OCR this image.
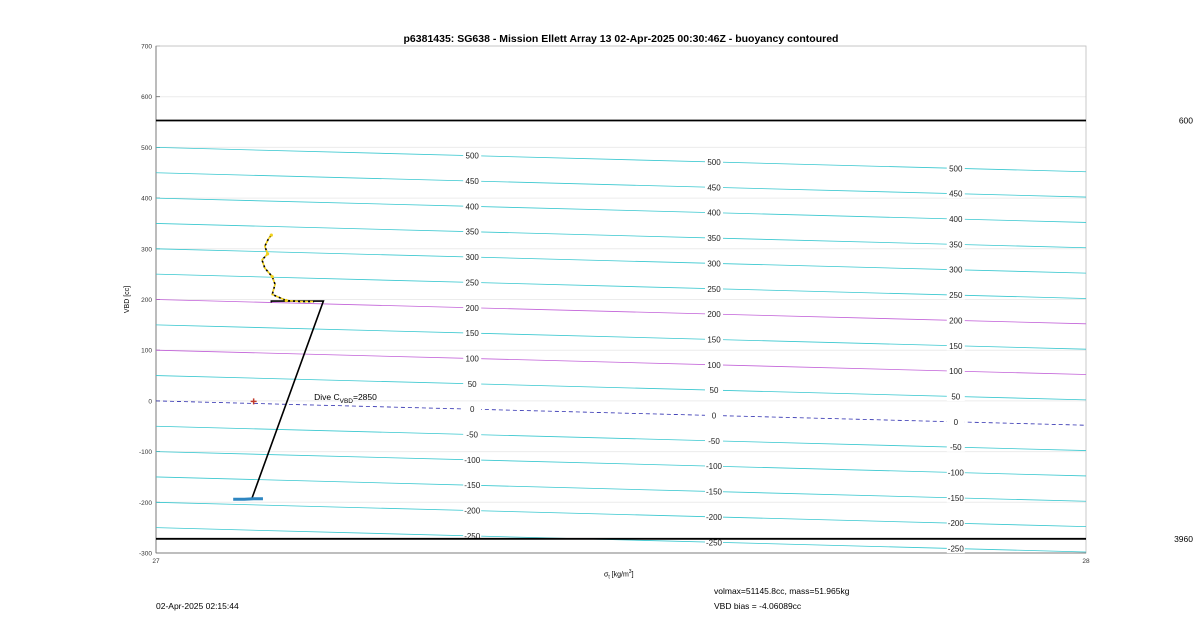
-300
-200
-100
0
100
200
300
400
500
600
700
27	28
-250
-200
-150
-100
-50
0
50
100
150
200
250
300
350
400
450
500
-250
-200
-150
-100
-50
0
50
100
150
200
250
300
350
400
450
500
-250
-200
-150
-100
-50
0
50
100
150
200
250
300
350
400
450
500
600
3960
Dive $C_{VBD}=2850$
p6381435: SG638 - Mission Ellett Array 13 02-Apr-2025 00:30:46Z - buoyancy contoured
VBD [cc]
$\sigma_t$ $[kg/m^3]$
02-Apr-2025 02:15:44
volmax=51145.8cc, mass=51.965kg
VBD bias = -4.06089cc
